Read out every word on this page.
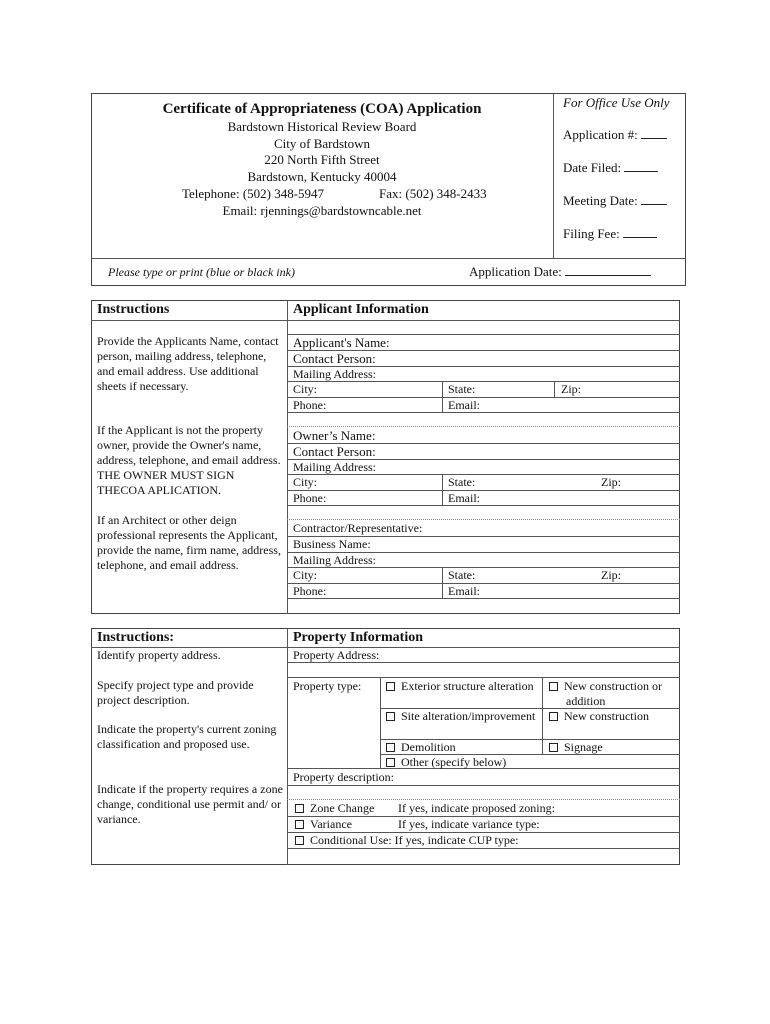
Certificate of Appropriateness (COA) Application
Bardstown Historical Review Board
City of Bardstown
220 North Fifth Street
Bardstown, Kentucky 40004
Telephone: (502) 348-5947	Fax: (502) 348-2433
Email: rjennings@bardstowncable.net
For Office Use Only
Application #:
Date Filed:
Meeting Date:
Filing Fee:
Please type or print (blue or black ink)	Application Date:
Instructions	Applicant Information
Provide the Applicants Name, contact person, mailing address, telephone, and email address. Use additional sheets if necessary.
If the Applicant is not the property owner, provide the Owner's name, address, telephone, and email address. THE OWNER MUST SIGN THECOA APLICATION.
If an Architect or other deign professional represents the Applicant, provide the name, firm name, address, telephone, and email address.
Applicant's Name:
Contact Person:
Mailing Address:
City:	State:	Zip:
Phone:	Email:
Owner’s Name:
Contact Person:
Mailing Address:
City:	State:	Zip:
Phone:	Email:
Contractor/Representative:
Business Name:
Mailing Address:
City:	State:	Zip:
Phone:	Email:
Instructions:	Property Information
Identify property address.
Specify project type and provide project description.
Indicate the property's current zoning classification and proposed use.
Indicate if the property requires a zone change, conditional use permit and/ or variance.
Property Address:
Property type:	Exterior structure alteration	New construction or addition
Site alteration/improvement	New construction
Demolition	Signage
Other (specify below)
Property description:
Zone Change If yes, indicate proposed zoning:
Variance	If yes, indicate variance type:
Conditional Use: If yes, indicate CUP type:
